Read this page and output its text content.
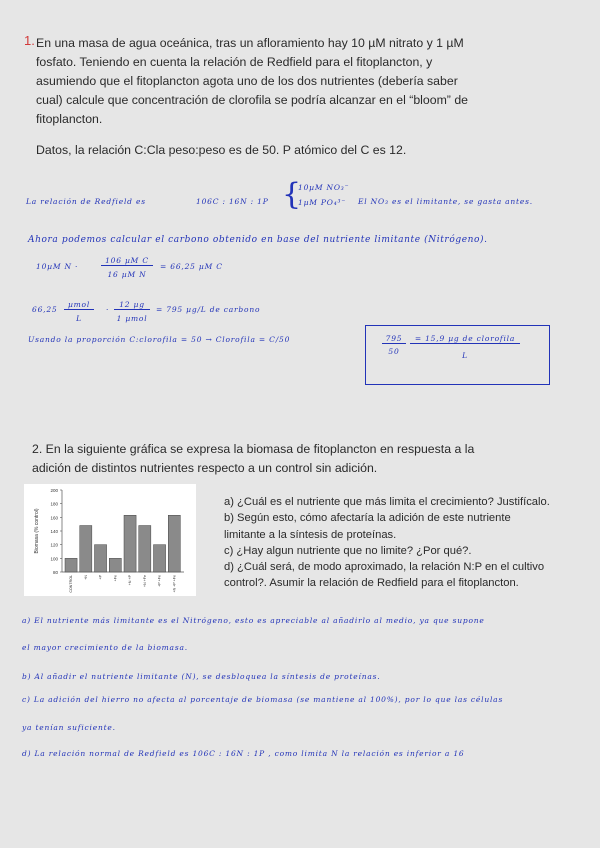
1. En una masa de agua oceánica, tras un afloramiento hay 10 µM nitrato y 1 µM
fosfato. Teniendo en cuenta la relación de Redfield para el fitoplancton, y
asumiendo que el fitoplancton agota uno de los dos nutrientes (debería saber
cual) calcule que concentración de clorofila se podría alcanzar en el “bloom” de
fitoplancton.
Datos, la relación C:Cla peso:peso es de 50. P atómico del C es 12.
La relación de Redfield es	106C : 16N : 1P {
10µM NO₃⁻
1µM PO₄³⁻ El NO₃ es el limitante, se gasta antes.
Ahora podemos calcular el carbono obtenido en base del nutriente limitante (Nitrógeno).
10µM N ·
106 µM C
16 µM N
= 66,25 µM C
66,25
µmol
L
·
12 µg
1 µmol
= 795 µg/L de carbono
Usando la proporción C:clorofila = 50 → Clorofila = C/50	795
50
= 15,9 µg de clorofila
L
2. En la siguiente gráfica se expresa la biomasa de fitoplancton en respuesta a la
adición de distintos nutrientes respecto a un control sin adición.
a) ¿Cuál es el nutriente que más limita el crecimiento? Justifícalo.
b) Según esto, cómo afectaría la adición de este nutriente
limitante a la síntesis de proteínas.
c) ¿Hay algun nutriente que no limite? ¿Por qué?.
d) ¿Cuál será, de modo aproximado, la relación N:P en el cultivo
control?. Asumir la relación de Redfield para el fitoplancton.
80
100
120
140
160
180
200
Biomasa (% control)
CONTROL	+N	+P	+Fe	+N +P	+N +Fe	+P +Fe	+N +P +Fe
a) El nutriente más limitante es el Nitrógeno, esto es apreciable al añadirlo al medio, ya que supone
el mayor crecimiento de la biomasa.
b) Al añadir el nutriente limitante (N), se desbloquea la síntesis de proteínas.
c) La adición del hierro no afecta al porcentaje de biomasa (se mantiene al 100%), por lo que las células
ya tenían suficiente.
d) La relación normal de Redfield es 106C : 16N : 1P , como limita N la relación es inferior a 16
